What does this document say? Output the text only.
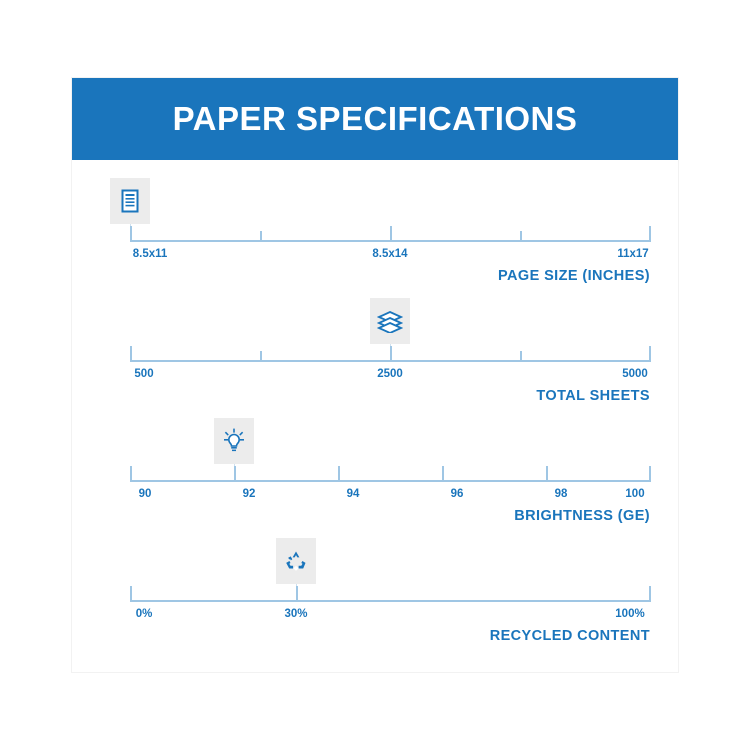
PAPER SPECIFICATIONS
8.5x11	8.5x14	11x17
PAGE SIZE (INCHES)
500	2500	5000
TOTAL SHEETS
90	92	94	96	98	100
BRIGHTNESS (GE)
0%	30%	100%
RECYCLED CONTENT
